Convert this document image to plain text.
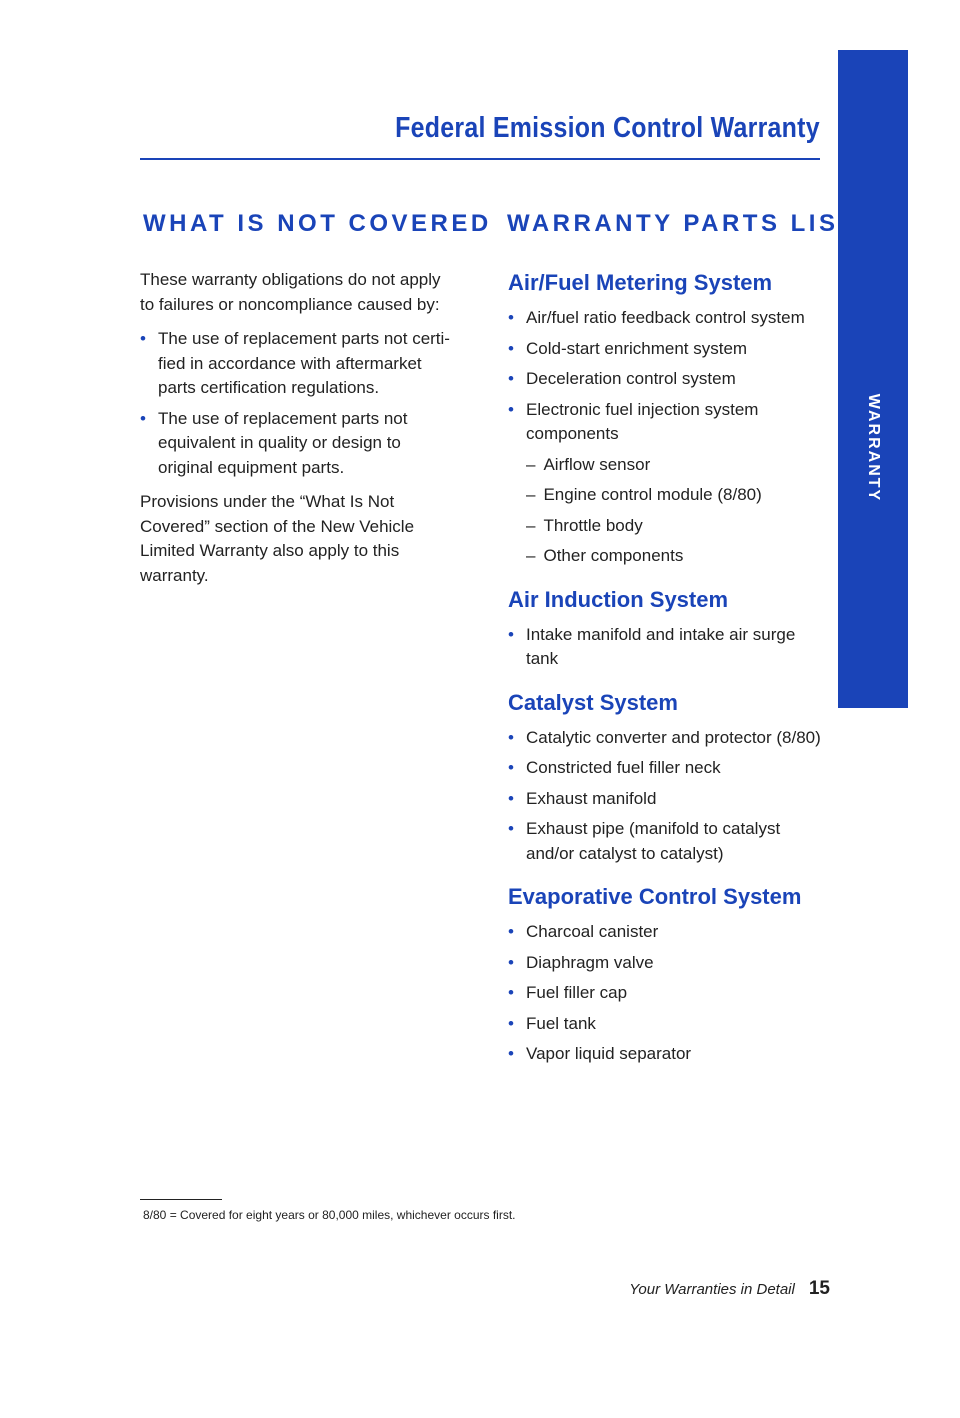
Federal Emission Control Warranty
WARRANTY
WHAT IS NOT COVERED WARRANTY PARTS LIST

These warranty obligations do not apply to failures or noncompliance caused by:

• The use of replacement parts not certi-fied in accordance with aftermarket parts certification regulations.
• The use of replacement parts not equivalent in quality or design to original equipment parts.

Provisions under the “What Is Not Covered” section of the New Vehicle Limited Warranty also apply to this warranty.

Air/Fuel Metering System
• Air/fuel ratio feedback control system
• Cold-start enrichment system
• Deceleration control system
• Electronic fuel injection system components
– Airflow sensor
– Engine control module (8/80)
– Throttle body
– Other components
Air Induction System
• Intake manifold and intake air surge tank
Catalyst System
• Catalytic converter and protector (8/80)
• Constricted fuel filler neck
• Exhaust manifold
• Exhaust pipe (manifold to catalyst and/or catalyst to catalyst)
Evaporative Control System
• Charcoal canister
• Diaphragm valve
• Fuel filler cap
• Fuel tank
• Vapor liquid separator

8/80 = Covered for eight years or 80,000 miles, whichever occurs first.

Your Warranties in Detail 15
